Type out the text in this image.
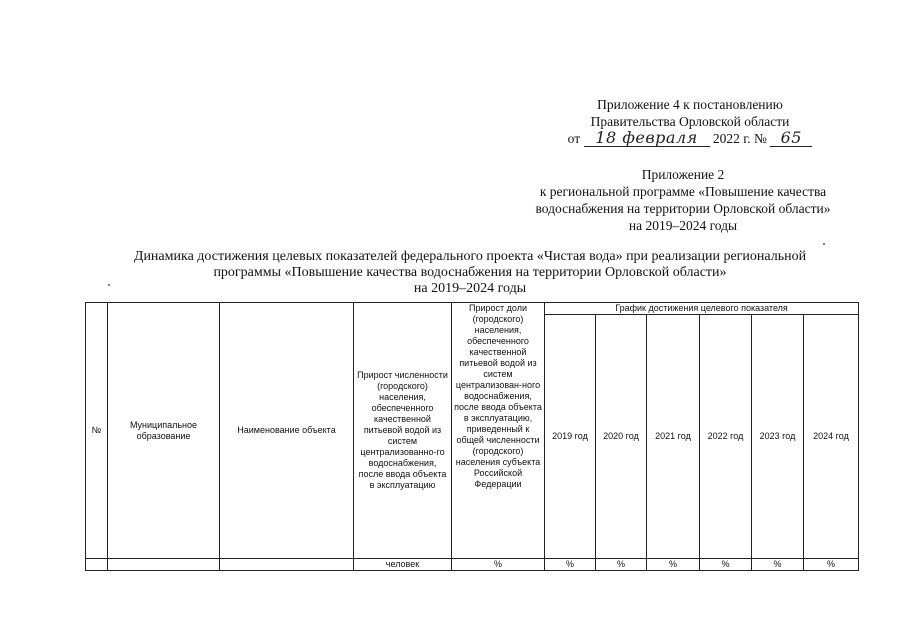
Приложение 4 к постановлению
Правительства Орловской области
от 18 февраля 2022 г. № 65
Приложение 2
к региональной программе «Повышение качества
водоснабжения на территории Орловской области»
на 2019–2024 годы
Динамика достижения целевых показателей федерального проекта «Чистая вода» при реализации региональной
программы «Повышение качества водоснабжения на территории Орловской области»
на 2019–2024 годы
№	Муниципальное образование	Наименование объекта	Прирост численности (городского) населения, обеспеченного качественной питьевой водой из систем централизованно-го водоснабжения, после ввода объекта в эксплуатацию	Прирост доли (городского) населения, обеспеченного качественной питьевой водой из систем централизован-ного водоснабжения, после ввода объекта в эксплуатацию, приведенный к общей численности (городского) населения субъекта Российской Федерации	График достижения целевого показателя					
					2019 год	2020 год	2021 год	2022 год	2023 год	2024 год
			человек	%	%	%	%	%	%	%
